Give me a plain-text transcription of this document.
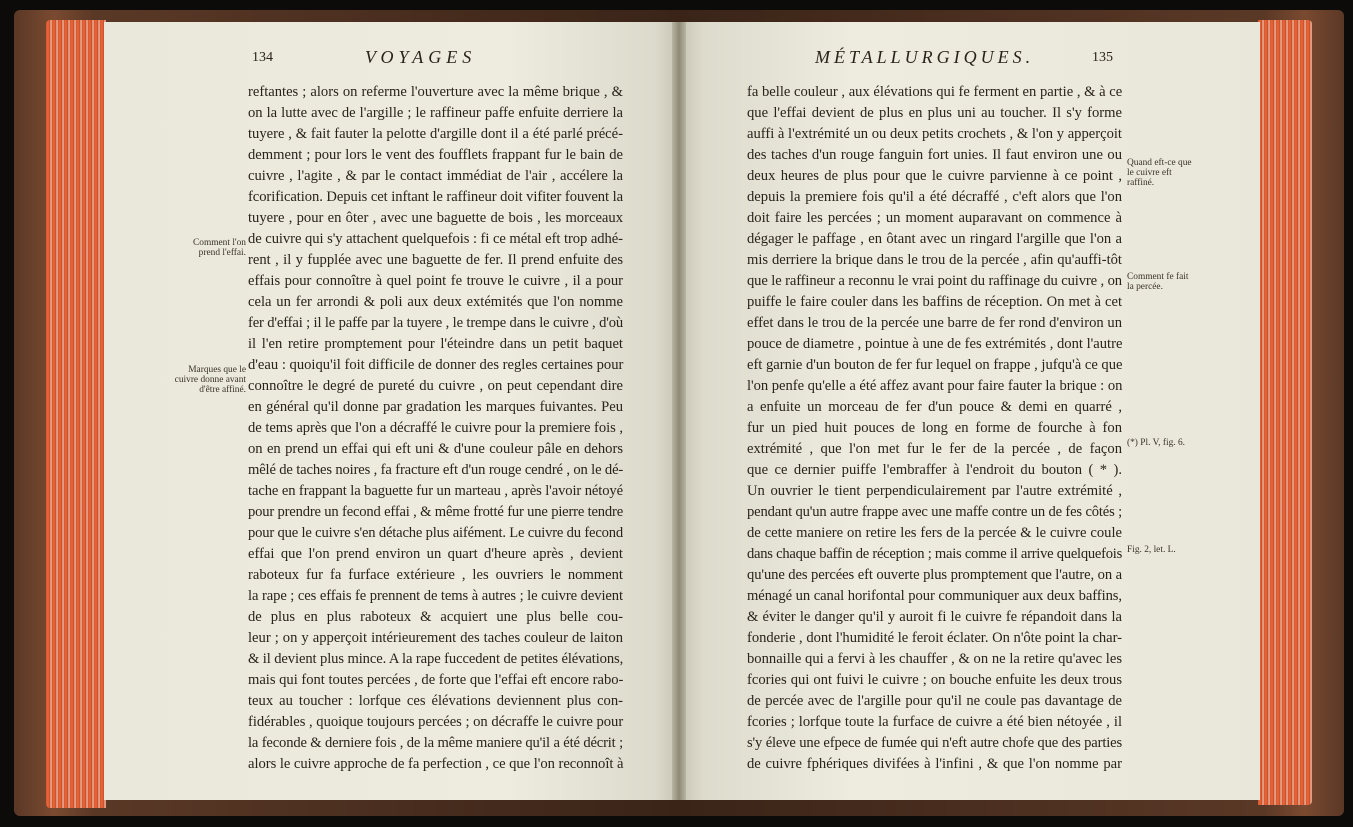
134	VOYAGES
reftantes ; alors on referme l'ouverture avec la même brique , &
on la lutte avec de l'argille ; le raffineur paffe enfuite derriere la
tuyere , & fait fauter la pelotte d'argille dont il a été parlé précé-
demment ; pour lors le vent des foufflets frappant fur le bain de
cuivre , l'agite , & par le contact immédiat de l'air , accélere la
fcorification. Depuis cet inftant le raffineur doit vifiter fouvent la
tuyere , pour en ôter , avec une baguette de bois , les morceaux
de cuivre qui s'y attachent quelquefois : fi ce métal eft trop adhé-
rent , il y fupplée avec une baguette de fer. Il prend enfuite des
effais pour connoître à quel point fe trouve le cuivre , il a pour
cela un fer arrondi & poli aux deux extémités que l'on nomme
fer d'effai ; il le paffe par la tuyere , le trempe dans le cuivre , d'où
il l'en retire promptement pour l'éteindre dans un petit baquet
d'eau : quoiqu'il foit difficile de donner des regles certaines pour
connoître le degré de pureté du cuivre , on peut cependant dire
en général qu'il donne par gradation les marques fuivantes. Peu
de tems après que l'on a décraffé le cuivre pour la premiere fois ,
on en prend un effai qui eft uni & d'une couleur pâle en dehors
mêlé de taches noires , fa fracture eft d'un rouge cendré , on le dé-
tache en frappant la baguette fur un marteau , après l'avoir nétoyé
pour prendre un fecond effai , & même frotté fur une pierre tendre
pour que le cuivre s'en détache plus aifément. Le cuivre du fecond
effai que l'on prend environ un quart d'heure après , devient
raboteux fur fa furface extérieure , les ouvriers le nomment
la rape ; ces effais fe prennent de tems à autres ; le cuivre devient
de plus en plus raboteux & acquiert une plus belle cou-
leur ; on y apperçoit intérieurement des taches couleur de laiton
& il devient plus mince. A la rape fuccedent de petites élévations,
mais qui font toutes percées , de forte que l'effai eft encore rabo-
teux au toucher : lorfque ces élévations deviennent plus con-
fidérables , quoique toujours percées ; on décraffe le cuivre pour
la feconde & derniere fois , de la même maniere qu'il a été décrit ;
alors le cuivre approche de fa perfection , ce que l'on reconnoît à
Comment l'on prend l'effai.
Marques que le cuivre donne avant d'être affiné.
MÉTALLURGIQUES.	135
fa belle couleur , aux élévations qui fe ferment en partie , & à ce
que l'effai devient de plus en plus uni au toucher. Il s'y forme
auffi à l'extrémité un ou deux petits crochets , & l'on y apperçoit
des taches d'un rouge fanguin fort unies. Il faut environ une ou
deux heures de plus pour que le cuivre parvienne à ce point ,
depuis la premiere fois qu'il a été décraffé , c'eft alors que l'on
doit faire les percées ; un moment auparavant on commence à
dégager le paffage , en ôtant avec un ringard l'argille que l'on a
mis derriere la brique dans le trou de la percée , afin qu'auffi-tôt
que le raffineur a reconnu le vrai point du raffinage du cuivre , on
puiffe le faire couler dans les baffins de réception. On met à cet
effet dans le trou de la percée une barre de fer rond d'environ un
pouce de diametre , pointue à une de fes extrémités , dont l'autre
eft garnie d'un bouton de fer fur lequel on frappe , jufqu'à ce que
l'on penfe qu'elle a été affez avant pour faire fauter la brique : on
a enfuite un morceau de fer d'un pouce & demi en quarré ,
fur un pied huit pouces de long en forme de fourche à fon
extrémité , que l'on met fur le fer de la percée , de façon
que ce dernier puiffe l'embraffer à l'endroit du bouton ( * ).
Un ouvrier le tient perpendiculairement par l'autre extrémité ,
pendant qu'un autre frappe avec une maffe contre un de fes côtés ;
de cette maniere on retire les fers de la percée & le cuivre coule
dans chaque baffin de réception ; mais comme il arrive quelquefois
qu'une des percées eft ouverte plus promptement que l'autre, on a
ménagé un canal horifontal pour communiquer aux deux baffins,
& éviter le danger qu'il y auroit fi le cuivre fe répandoit dans la
fonderie , dont l'humidité le feroit éclater. On n'ôte point la char-
bonnaille qui a fervi à les chauffer , & on ne la retire qu'avec les
fcories qui ont fuivi le cuivre ; on bouche enfuite les deux trous
de percée avec de l'argille pour qu'il ne coule pas davantage de
fcories ; lorfque toute la furface de cuivre a été bien nétoyée , il
s'y éleve une efpece de fumée qui n'eft autre chofe que des parties
de cuivre fphériques divifées à l'infini , & que l'on nomme par
Quand eft-ce que le cuivre eft raffiné.
Comment fe fait la percée.
(*) Pl. V, fig. 6.
Fig. 2, let. L.
